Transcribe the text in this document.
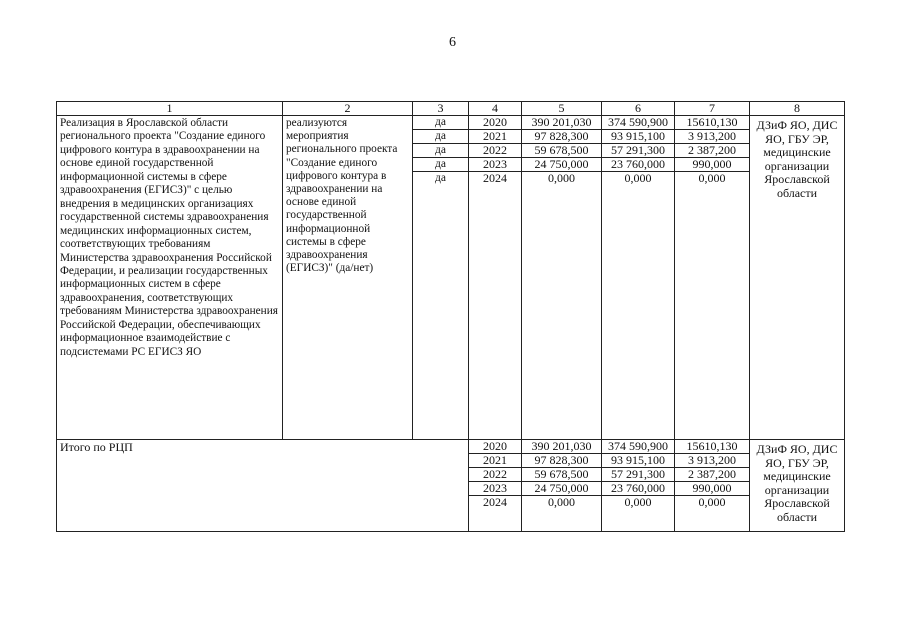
6
1	2	3	4	5	6	7	8
Реализация в Ярославской области регионального проекта "Создание единого цифрового контура в здравоохранении на основе единой государственной информационной системы в сфере здравоохранения (ЕГИСЗ)" с целью внедрения в медицинских организациях государственной системы здравоохранения медицинских информационных систем, соответствующих требованиям Министерства здравоохранения Российской Федерации, и реализации государственных информационных систем в сфере здравоохранения, соответствующих требованиям Министерства здравоохранения Российской Федерации, обеспечивающих информационное взаимодействие с подсистемами РС ЕГИСЗ ЯО	реализуются мероприятия регионального проекта "Создание единого цифрового контура в здравоохранении на основе единой государственной информационной системы в сфере здравоохранения (ЕГИСЗ)" (да/нет)	да	2020	390 201,030	374 590,900	15610,130	ДЗиФ ЯО, ДИС ЯО, ГБУ ЭР, медицинские организации Ярославской области
		да	2021	97 828,300	93 915,100	3 913,200	
		да	2022	59 678,500	57 291,300	2 387,200	
		да	2023	24 750,000	23 760,000	990,000	
		да	2024	0,000	0,000	0,000	

Итого по РЦП			2020	390 201,030	374 590,900	15610,130	ДЗиФ ЯО, ДИС ЯО, ГБУ ЭР, медицинские организации Ярославской области
			2021	97 828,300	93 915,100	3 913,200	
			2022	59 678,500	57 291,300	2 387,200	
			2023	24 750,000	23 760,000	990,000	
			2024	0,000	0,000	0,000	
